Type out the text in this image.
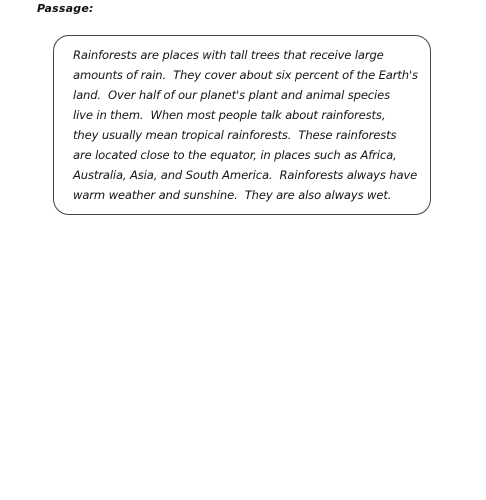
Passage:
Rainforests are places with tall trees that receive large
amounts of rain.  They cover about six percent of the Earth's
land.  Over half of our planet's plant and animal species
live in them.  When most people talk about rainforests,
they usually mean tropical rainforests.  These rainforests
are located close to the equator, in places such as Africa,
Australia, Asia, and South America.  Rainforests always have
warm weather and sunshine.  They are also always wet.
